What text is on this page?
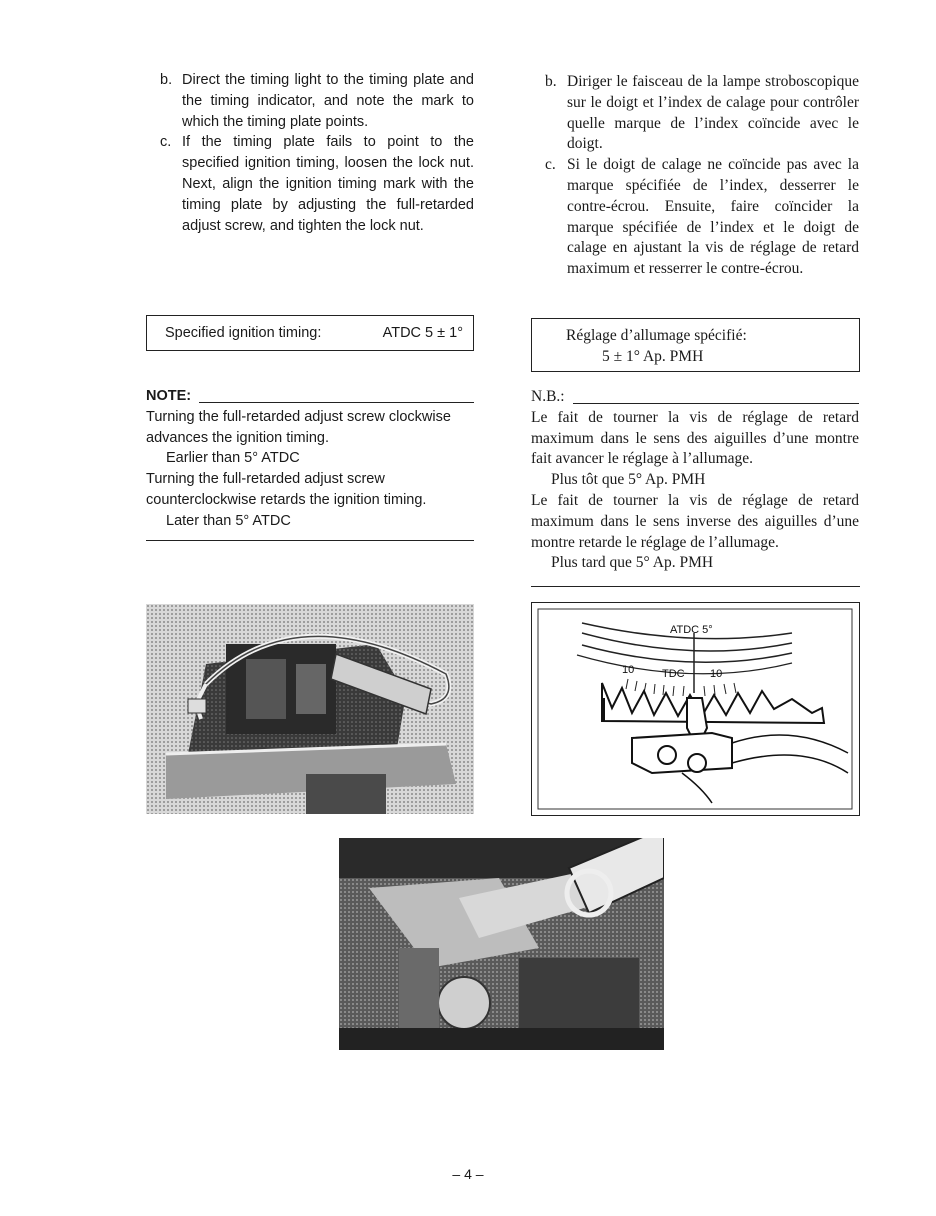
b. Direct the timing light to the timing plate and the timing indicator, and note the mark to which the timing plate points.
c. If the timing plate fails to point to the specified ignition timing, loosen the lock nut. Next, align the ignition timing mark with the timing plate by adjusting the full-retarded adjust screw, and tighten the lock nut.
Specified ignition timing:	ATDC 5 ± 1°
NOTE:
Turning the full-retarded adjust screw clockwise advances the ignition timing.
Earlier than 5° ATDC
Turning the full-retarded adjust screw counterclockwise retards the ignition timing.
Later than 5° ATDC
b. Diriger le faisceau de la lampe stroboscopique sur le doigt et l’index de calage pour contrôler quelle marque de l’index coïncide avec le doigt.
c. Si le doigt de calage ne coïncide pas avec la marque spécifiée de l’index, desserrer le contre-écrou. Ensuite, faire coïncider la marque spécifiée de l’index et le doigt de calage en ajustant la vis de réglage de retard maximum et resserrer le contre-écrou.
Réglage d’allumage spécifié:
5 ± 1° Ap. PMH
N.B.:
Le fait de tourner la vis de réglage de retard maximum dans le sens des aiguilles d’une montre fait avancer le réglage à l’allumage.
Plus tôt que 5° Ap. PMH
Le fait de tourner la vis de réglage de retard maximum dans le sens inverse des aiguilles d’une montre retarde le réglage de l’allumage.
Plus tard que 5° Ap. PMH
ATDC 5°
10	TDC 10
– 4 –
